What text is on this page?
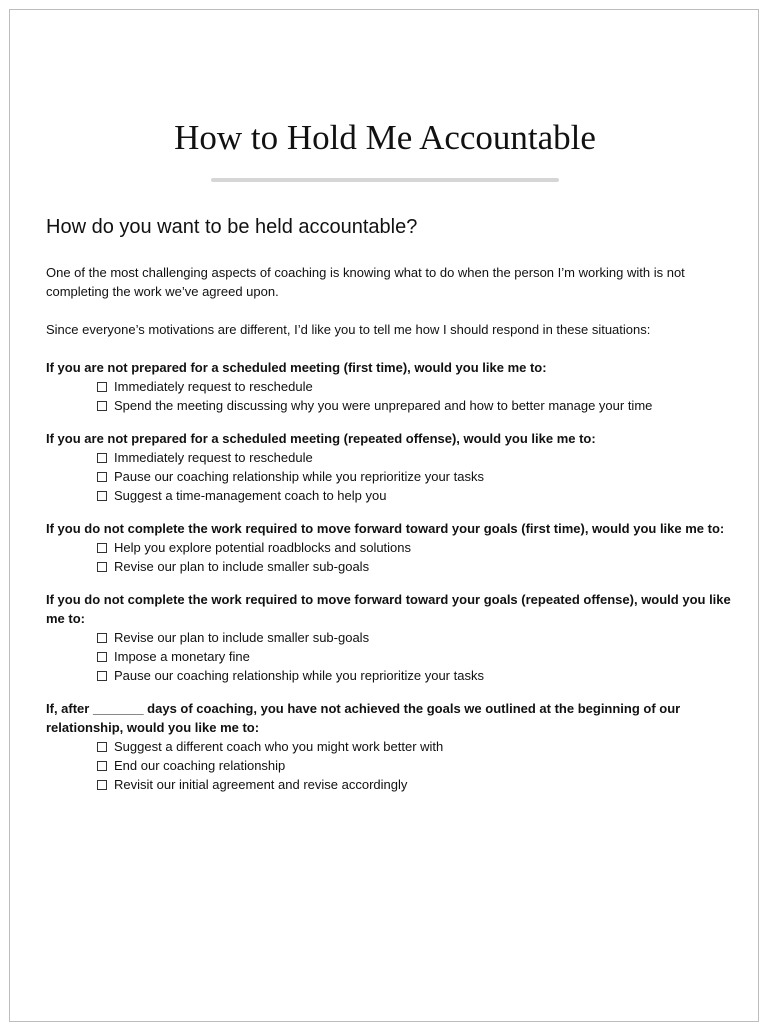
How to Hold Me Accountable
How do you want to be held accountable?

One of the most challenging aspects of coaching is knowing what to do when the person I’m working with is not completing the work we’ve agreed upon.

Since everyone’s motivations are different, I’d like you to tell me how I should respond in these situations:

If you are not prepared for a scheduled meeting (first time), would you like me to:

Immediately request to reschedule
Spend the meeting discussing why you were unprepared and how to better manage your time

If you are not prepared for a scheduled meeting (repeated offense), would you like me to:

Immediately request to reschedule
Pause our coaching relationship while you reprioritize your tasks
Suggest a time-management coach to help you

If you do not complete the work required to move forward toward your goals (first time), would you like me to:

Help you explore potential roadblocks and solutions
Revise our plan to include smaller sub-goals

If you do not complete the work required to move forward toward your goals (repeated offense), would you like me to:

Revise our plan to include smaller sub-goals
Impose a monetary fine
Pause our coaching relationship while you reprioritize your tasks

If, after _______ days of coaching, you have not achieved the goals we outlined at the beginning of our relationship, would you like me to:

Suggest a different coach who you might work better with
End our coaching relationship
Revisit our initial agreement and revise accordingly
